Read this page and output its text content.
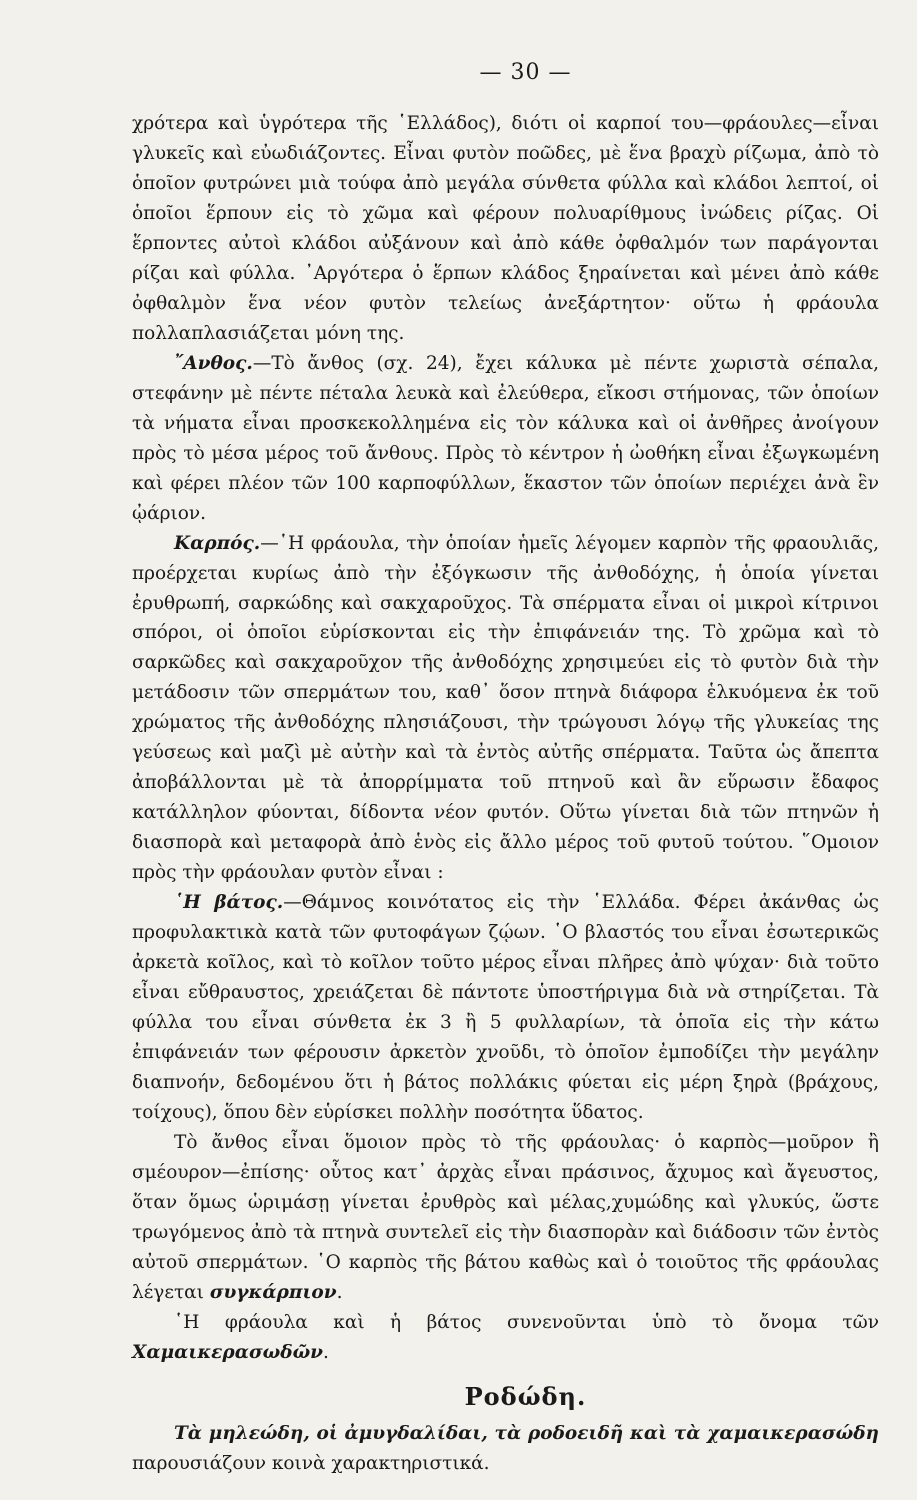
— 30 —

χρότερα καὶ ὑγρότερα τῆς ῾Ελλάδος), διότι οἱ καρποί του—φράουλες—εἶναι γλυκεῖς καὶ εὐωδιάζοντες. Εἶναι φυτὸν ποῶδες, μὲ ἕνα βραχὺ ρίζωμα, ἀπὸ τὸ ὁποῖον φυτρώνει μιὰ τούφα ἀπὸ μεγάλα σύνθετα φύλλα καὶ κλάδοι λεπτοί, οἱ ὁποῖοι ἕρπουν εἰς τὸ χῶμα καὶ φέρουν πολυαρίθμους ἰνώδεις ρίζας. Οἱ ἕρποντες αὐτοὶ κλάδοι αὐξάνουν καὶ ἀπὸ κάθε ὀφθαλμόν των παράγονται ρίζαι καὶ φύλλα. ᾿Αργότερα ὁ ἕρπων κλάδος ξηραίνεται καὶ μένει ἀπὸ κάθε ὀφθαλμὸν ἕνα νέον φυτὸν τελείως ἀνεξάρτητον· οὕτω ἡ φράουλα πολλαπλασιάζεται μόνη της.

῎Ανθος.—Τὸ ἄνθος (σχ. 24), ἔχει κάλυκα μὲ πέντε χωριστὰ σέπαλα, στεφάνην μὲ πέντε πέταλα λευκὰ καὶ ἐλεύθερα, εἴκοσι στήμονας, τῶν ὁποίων τὰ νήματα εἶναι προσκεκολλημένα εἰς τὸν κάλυκα καὶ οἱ ἀνθῆρες ἀνοίγουν πρὸς τὸ μέσα μέρος τοῦ ἄνθους. Πρὸς τὸ κέντρον ἡ ὠοθήκη εἶναι ἐξωγκωμένη καὶ φέρει πλέον τῶν 100 καρποφύλλων, ἕκαστον τῶν ὁποίων περιέχει ἀνὰ ἓν ᾠάριον.

Καρπός.—῾Η φράουλα, τὴν ὁποίαν ἡμεῖς λέγομεν καρπὸν τῆς φραουλιᾶς, προέρχεται κυρίως ἀπὸ τὴν ἐξόγκωσιν τῆς ἀνθοδόχης, ἡ ὁποία γίνεται ἐρυθρωπή, σαρκώδης καὶ σακχαροῦχος. Τὰ σπέρματα εἶναι οἱ μικροὶ κίτρινοι σπόροι, οἱ ὁποῖοι εὑρίσκονται εἰς τὴν ἐπιφάνειάν της. Τὸ χρῶμα καὶ τὸ σαρκῶδες καὶ σακχαροῦχον τῆς ἀνθοδόχης χρησιμεύει εἰς τὸ φυτὸν διὰ τὴν μετάδοσιν τῶν σπερμάτων του, καθ᾿ ὅσον πτηνὰ διάφορα ἑλκυόμενα ἐκ τοῦ χρώματος τῆς ἀνθοδόχης πλησιάζουσι, τὴν τρώγουσι λόγῳ τῆς γλυκείας της γεύσεως καὶ μαζὶ μὲ αὐτὴν καὶ τὰ ἐντὸς αὐτῆς σπέρματα. Ταῦτα ὡς ἄπεπτα ἀποβάλλονται μὲ τὰ ἀπορρίμματα τοῦ πτηνοῦ καὶ ἂν εὕρωσιν ἔδαφος κατάλληλον φύονται, δίδοντα νέον φυτόν. Οὕτω γίνεται διὰ τῶν πτηνῶν ἡ διασπορὰ καὶ μεταφορὰ ἀπὸ ἑνὸς εἰς ἄλλο μέρος τοῦ φυτοῦ τούτου. ῞Ομοιον πρὸς τὴν φράουλαν φυτὸν εἶναι :

῾Η βάτος.—Θάμνος κοινότατος εἰς τὴν ῾Ελλάδα. Φέρει ἀκάνθας ὡς προφυλακτικὰ κατὰ τῶν φυτοφάγων ζῴων. ῾Ο βλαστός του εἶναι ἐσωτερικῶς ἀρκετὰ κοῖλος, καὶ τὸ κοῖλον τοῦτο μέρος εἶναι πλῆρες ἀπὸ ψύχαν· διὰ τοῦτο εἶναι εὔθραυστος, χρειάζεται δὲ πάντοτε ὑποστήριγμα διὰ νὰ στηρίζεται. Τὰ φύλλα του εἶναι σύνθετα ἐκ 3 ἢ 5 φυλλαρίων, τὰ ὁποῖα εἰς τὴν κάτω ἐπιφάνειάν των φέρουσιν ἀρκετὸν χνοῦδι, τὸ ὁποῖον ἐμποδίζει τὴν μεγάλην διαπνοήν, δεδομένου ὅτι ἡ βάτος πολλάκις φύεται εἰς μέρη ξηρὰ (βράχους, τοίχους), ὅπου δὲν εὑρίσκει πολλὴν ποσότητα ὕδατος.

Τὸ ἄνθος εἶναι ὅμοιον πρὸς τὸ τῆς φράουλας· ὁ καρπὸς—μοῦρον ἢ σμέουρον—ἐπίσης· οὗτος κατ᾿ ἀρχὰς εἶναι πράσινος, ἄχυμος καὶ ἄγευστος, ὅταν ὅμως ὡριμάσῃ γίνεται ἐρυθρὸς καὶ μέλας,χυμώδης καὶ γλυκύς, ὥστε τρωγόμενος ἀπὸ τὰ πτηνὰ συντελεῖ εἰς τὴν διασπορὰν καὶ διάδοσιν τῶν ἐντὸς αὐτοῦ σπερμάτων. ῾Ο καρπὸς τῆς βάτου καθὼς καὶ ὁ τοιοῦτος τῆς φράουλας λέγεται συγκάρπιον.

῾Η φράουλα καὶ ἡ βάτος συνενοῦνται ὑπὸ τὸ ὄνομα τῶν Χαμαικερασωδῶν.

Ροδώδη.

Τὰ μηλεώδη, οἱ ἀμυγδαλίδαι, τὰ ροδοειδῆ καὶ τὰ χαμαικερασώδη παρουσιάζουν κοινὰ χαρακτηριστικά.
